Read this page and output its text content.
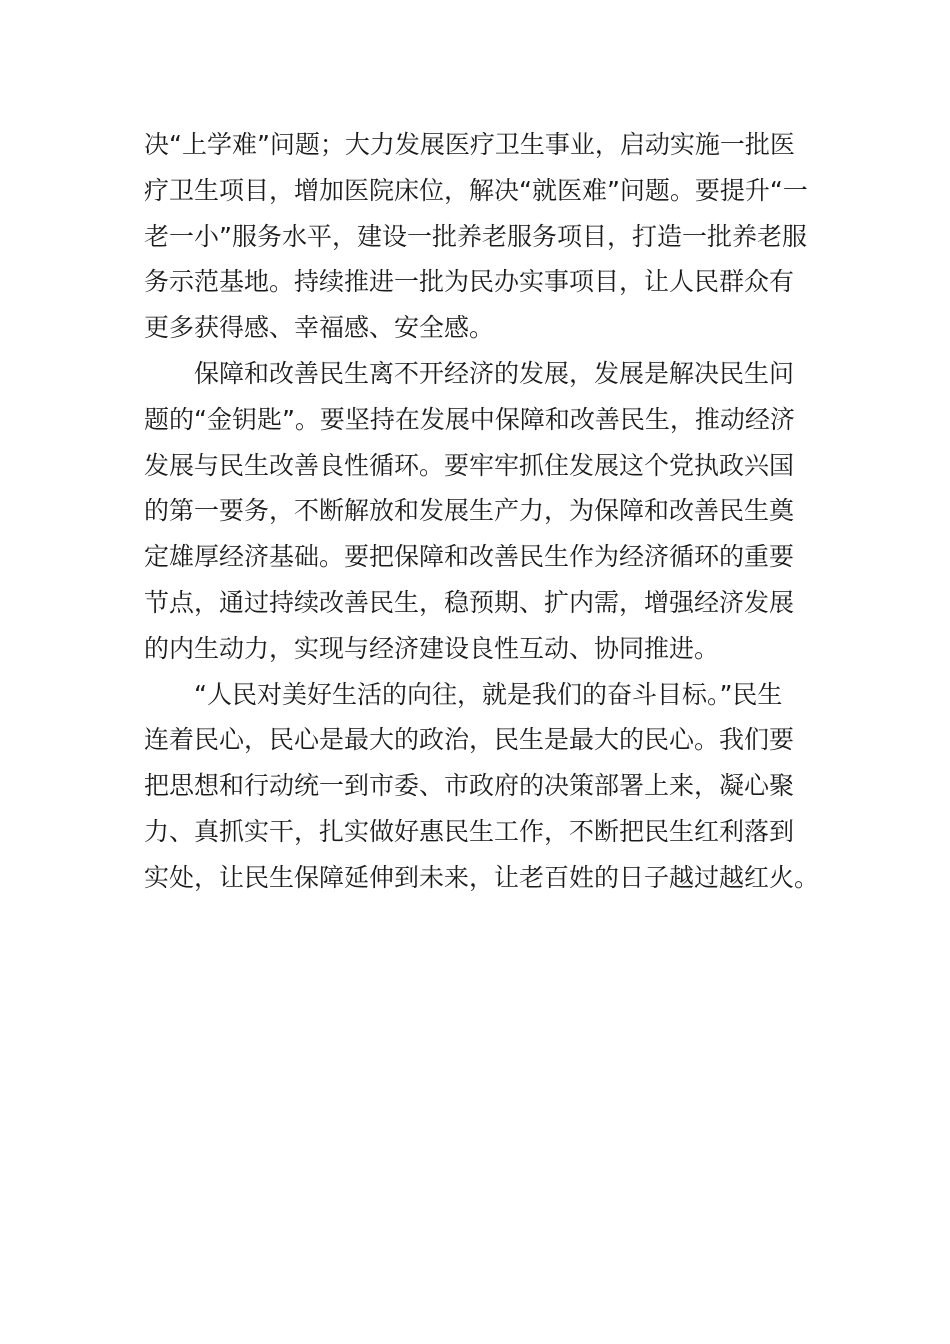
决“上学难”问题；大力发展医疗卫生事业，启动实施一批医
疗卫生项目，增加医院床位，解决“就医难”问题。要提升“一
老一小”服务水平，建设一批养老服务项目，打造一批养老服
务示范基地。持续推进一批为民办实事项目，让人民群众有
更多获得感、幸福感、安全感。
保障和改善民生离不开经济的发展，发展是解决民生问
题的“金钥匙”。要坚持在发展中保障和改善民生，推动经济
发展与民生改善良性循环。要牢牢抓住发展这个党执政兴国
的第一要务，不断解放和发展生产力，为保障和改善民生奠
定雄厚经济基础。要把保障和改善民生作为经济循环的重要
节点，通过持续改善民生，稳预期、扩内需，增强经济发展
的内生动力，实现与经济建设良性互动、协同推进。
“人民对美好生活的向往，就是我们的奋斗目标。”民生
连着民心，民心是最大的政治，民生是最大的民心。我们要
把思想和行动统一到市委、市政府的决策部署上来，凝心聚
力、真抓实干，扎实做好惠民生工作，不断把民生红利落到
实处，让民生保障延伸到未来，让老百姓的日子越过越红火。
